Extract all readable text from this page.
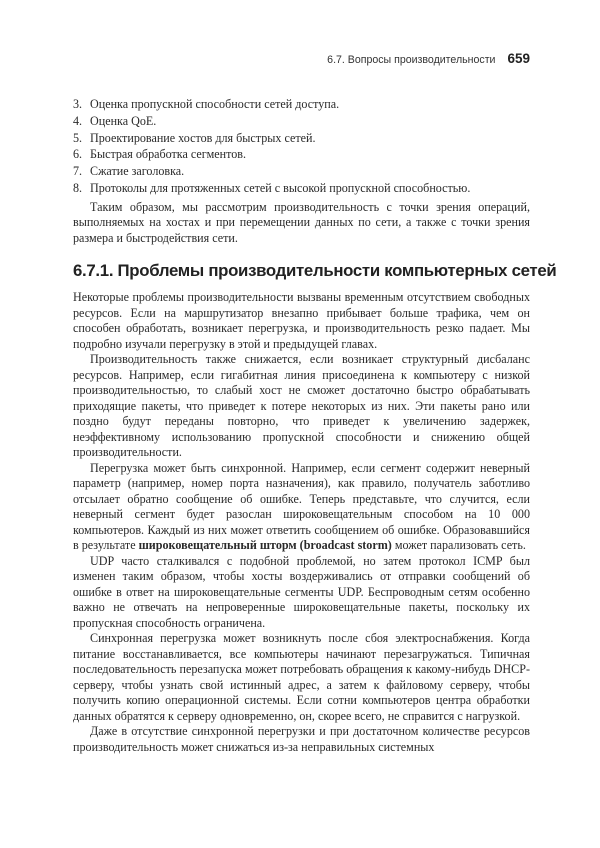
6.7. Вопросы производительности 659
3. Оценка пропускной способности сетей доступа.
4. Оценка QoE.
5. Проектирование хостов для быстрых сетей.
6. Быстрая обработка сегментов.
7. Сжатие заголовка.
8. Протоколы для протяженных сетей с высокой пропускной способностью.

Таким образом, мы рассмотрим производительность с точки зрения операций, выполняемых на хостах и при перемещении данных по сети, а также с точки зрения размера и быстродействия сети.

6.7.1. Проблемы производительности компьютерных сетей

Некоторые проблемы производительности вызваны временным отсутствием свободных ресурсов. Если на маршрутизатор внезапно прибывает больше трафика, чем он способен обработать, возникает перегрузка, и производительность резко падает. Мы подробно изучали перегрузку в этой и предыдущей главах.

Производительность также снижается, если возникает структурный дисбаланс ресурсов. Например, если гигабитная линия присоединена к компьютеру с низкой производительностью, то слабый хост не сможет достаточно быстро обрабатывать приходящие пакеты, что приведет к потере некоторых из них. Эти пакеты рано или поздно будут переданы повторно, что приведет к увеличению задержек, неэффективному использованию пропускной способности и снижению общей производительности.

Перегрузка может быть синхронной. Например, если сегмент содержит неверный параметр (например, номер порта назначения), как правило, получатель заботливо отсылает обратно сообщение об ошибке. Теперь представьте, что случится, если неверный сегмент будет разослан широковещательным способом на 10 000 компьютеров. Каждый из них может ответить сообщением об ошибке. Образовавшийся в результате широковещательный шторм (broadcast storm) может парализовать сеть.

UDP часто сталкивался с подобной проблемой, но затем протокол ICMP был изменен таким образом, чтобы хосты воздерживались от отправки сообщений об ошибке в ответ на широковещательные сегменты UDP. Беспроводным сетям особенно важно не отвечать на непроверенные широковещательные пакеты, поскольку их пропускная способность ограничена.

Синхронная перегрузка может возникнуть после сбоя электроснабжения. Когда питание восстанавливается, все компьютеры начинают перезагружаться. Типичная последовательность перезапуска может потребовать обращения к какому-нибудь DHCP-серверу, чтобы узнать свой истинный адрес, а затем к файловому серверу, чтобы получить копию операционной системы. Если сотни компьютеров центра обработки данных обратятся к серверу одновременно, он, скорее всего, не справится с нагрузкой.

Даже в отсутствие синхронной перегрузки и при достаточном количестве ресурсов производительность может снижаться из-за неправильных системных
